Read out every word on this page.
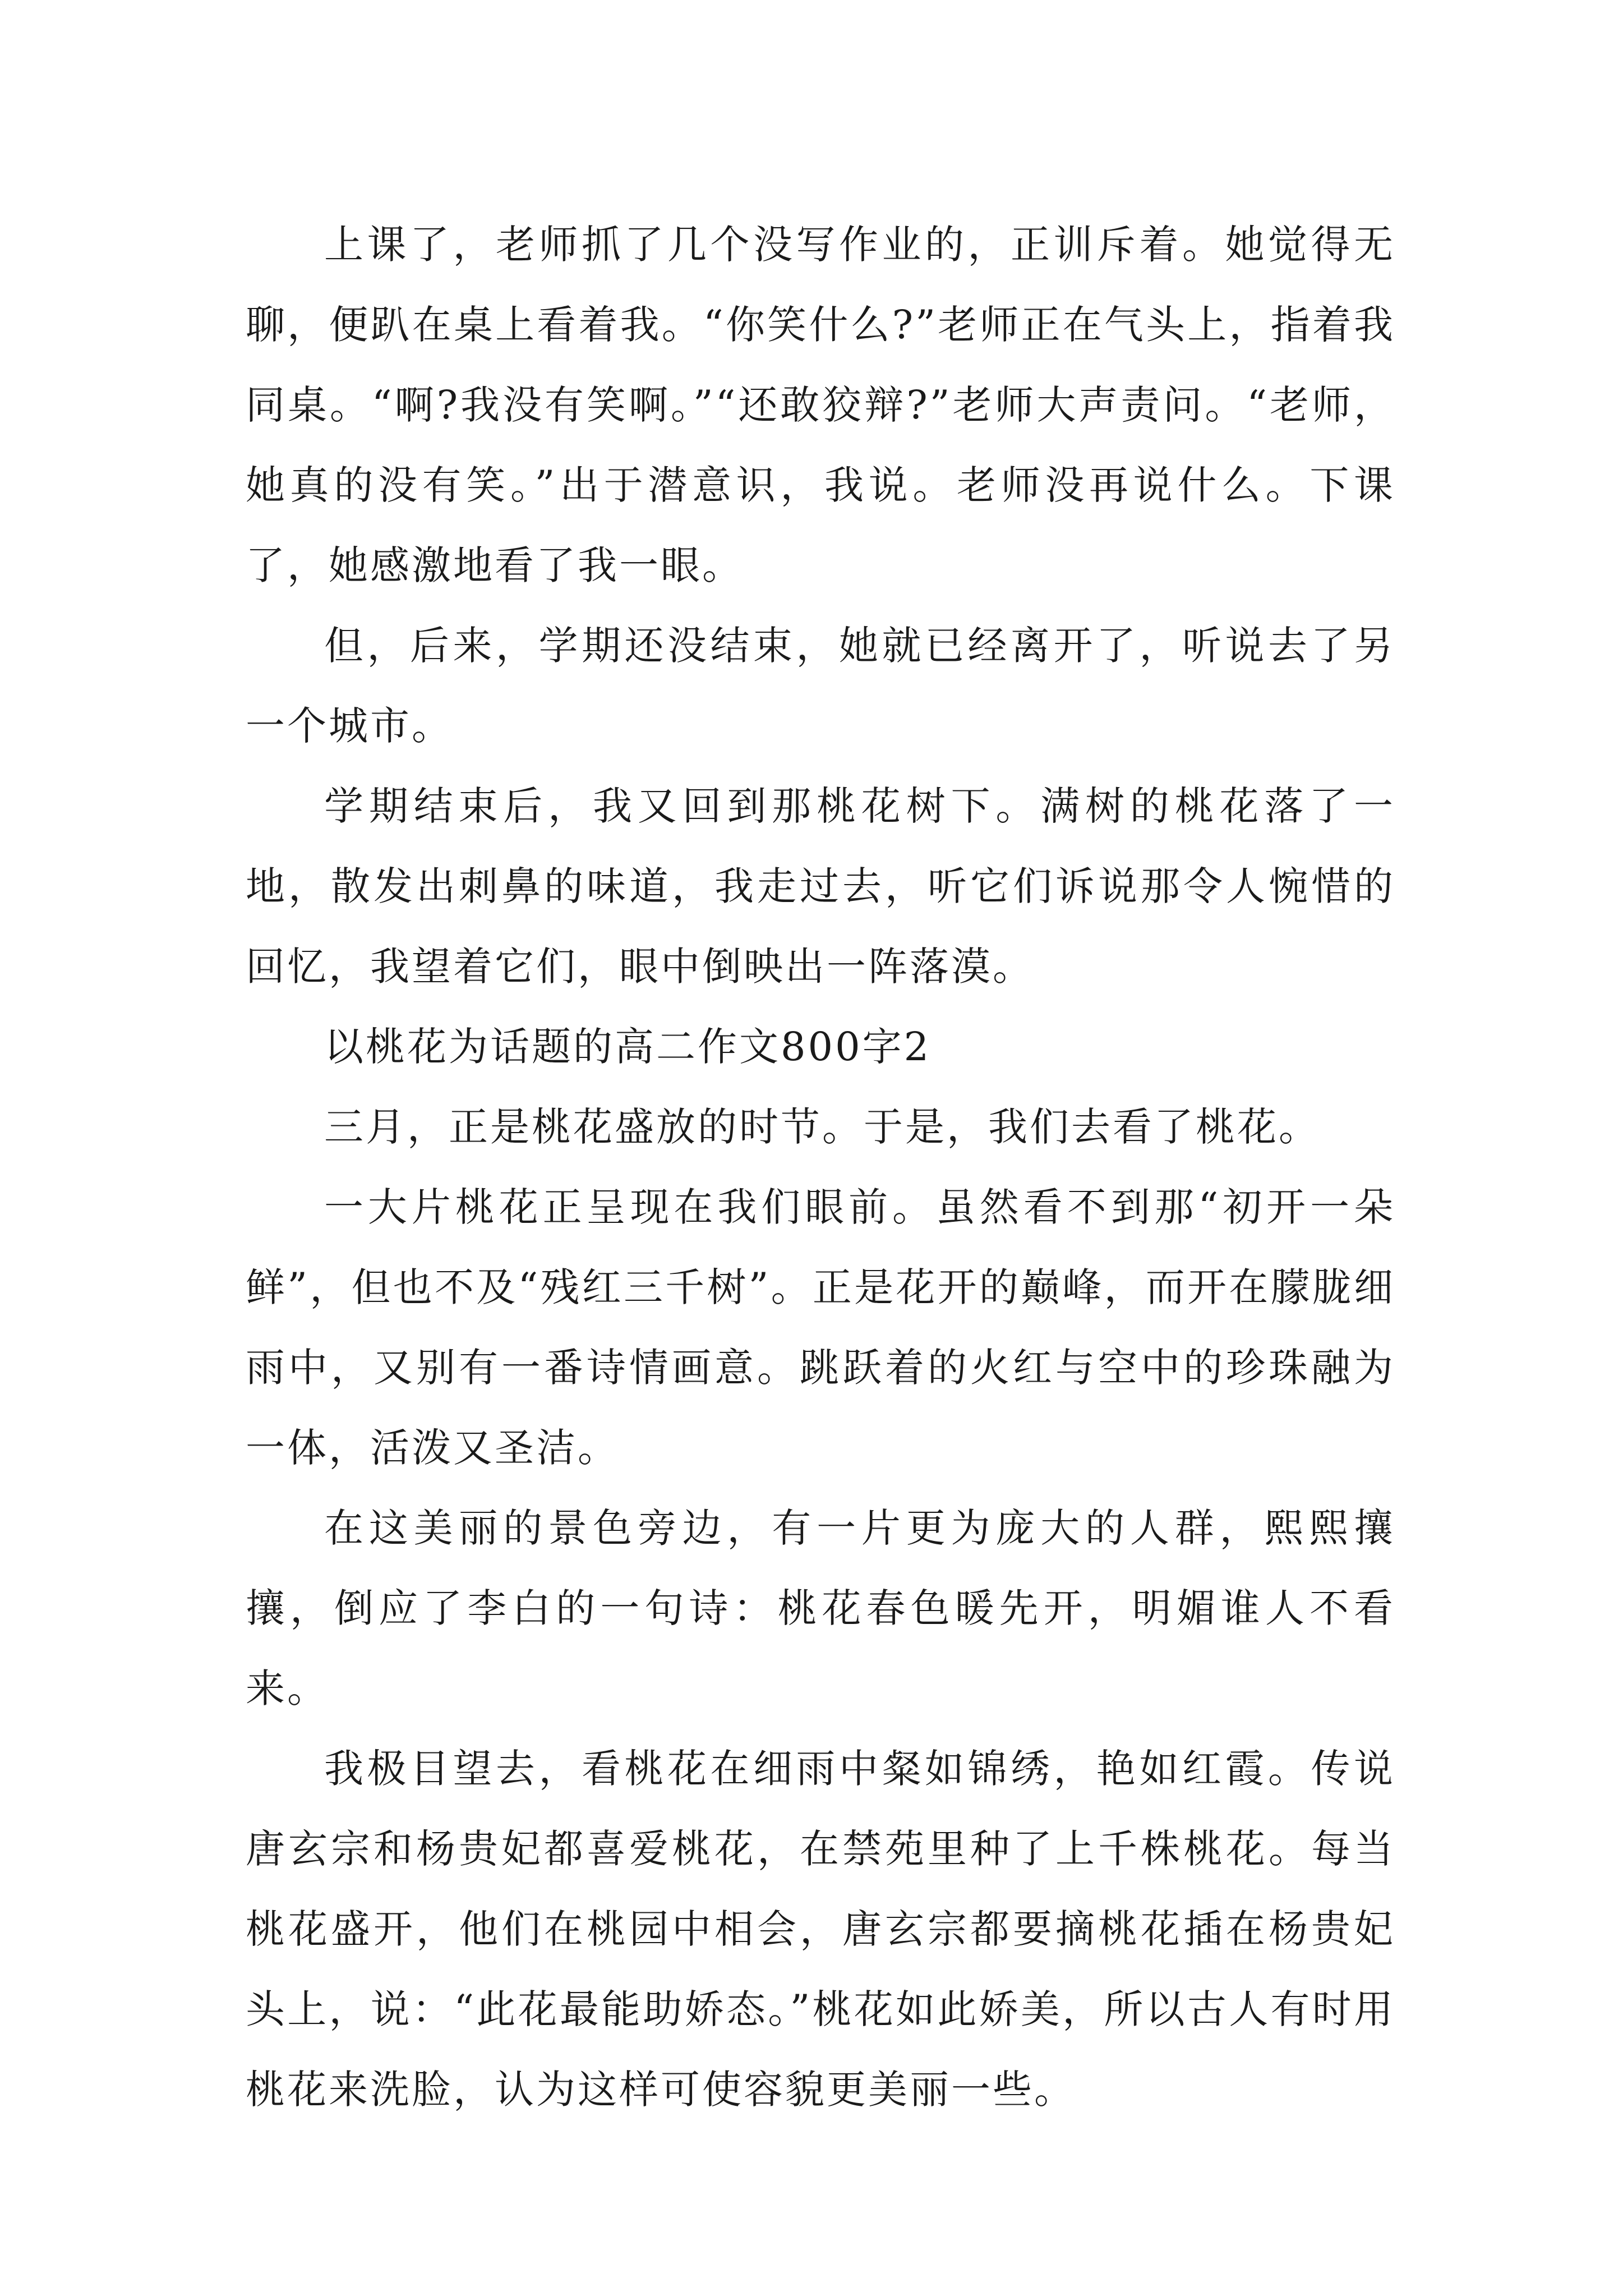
上课了，老师抓了几个没写作业的，正训斥着。她觉得无聊，便趴在桌上看着我。“你笑什么?”老师正在气头上，指着我同桌。“啊?我没有笑啊。”“还敢狡辩?”老师大声责问。“老师，她真的没有笑。”出于潜意识，我说。老师没再说什么。下课了，她感激地看了我一眼。

但，后来，学期还没结束，她就已经离开了，听说去了另一个城市。

学期结束后，我又回到那桃花树下。满树的桃花落了一地，散发出刺鼻的味道，我走过去，听它们诉说那令人惋惜的回忆，我望着它们，眼中倒映出一阵落漠。

以桃花为话题的高二作文800字2

三月，正是桃花盛放的时节。于是，我们去看了桃花。

一大片桃花正呈现在我们眼前。虽然看不到那“初开一朵鲜”，但也不及“残红三千树”。正是花开的巅峰，而开在朦胧细雨中，又别有一番诗情画意。跳跃着的火红与空中的珍珠融为一体，活泼又圣洁。

在这美丽的景色旁边，有一片更为庞大的人群，熙熙攘攘，倒应了李白的一句诗：桃花春色暖先开，明媚谁人不看来。

我极目望去，看桃花在细雨中粲如锦绣，艳如红霞。传说唐玄宗和杨贵妃都喜爱桃花，在禁苑里种了上千株桃花。每当桃花盛开，他们在桃园中相会，唐玄宗都要摘桃花插在杨贵妃头上，说：“此花最能助娇态。”桃花如此娇美，所以古人有时用桃花来洗脸，认为这样可使容貌更美丽一些。
